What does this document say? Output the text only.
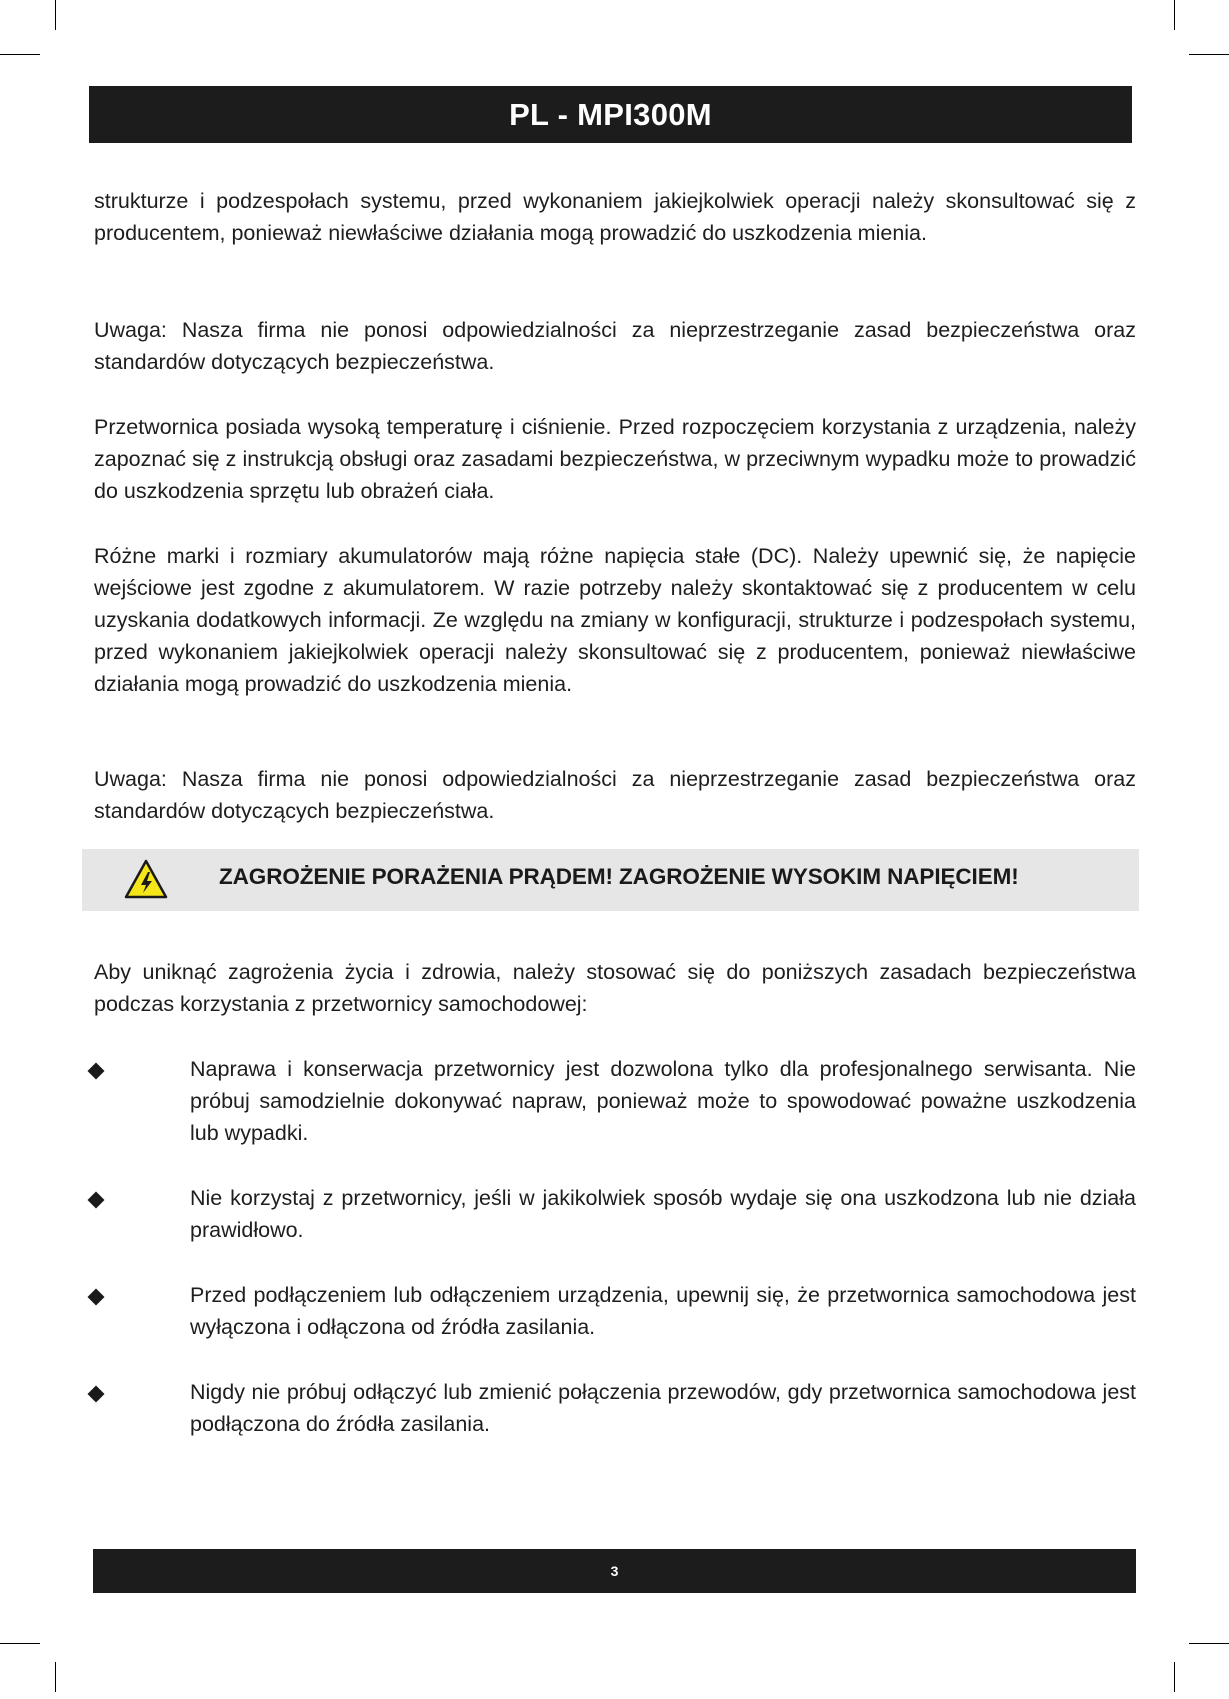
PL - MPI300M

strukturze i podzespołach systemu, przed wykonaniem jakiejkolwiek operacji należy skonsultować się z producentem, ponieważ niewłaściwe działania mogą prowadzić do uszkodzenia mienia.

Uwaga: Nasza firma nie ponosi odpowiedzialności za nieprzestrzeganie zasad bezpieczeństwa oraz standardów dotyczących bezpieczeństwa.

Przetwornica posiada wysoką temperaturę i ciśnienie. Przed rozpoczęciem korzystania z urządzenia, należy zapoznać się z instrukcją obsługi oraz zasadami bezpieczeństwa, w przeciwnym wypadku może to prowadzić do uszkodzenia sprzętu lub obrażeń ciała.

Różne marki i rozmiary akumulatorów mają różne napięcia stałe (DC). Należy upewnić się, że napięcie wejściowe jest zgodne z akumulatorem. W razie potrzeby należy skontaktować się z producentem w celu uzyskania dodatkowych informacji. Ze względu na zmiany w konfiguracji, strukturze i podzespołach systemu, przed wykonaniem jakiejkolwiek operacji należy skonsultować się z producentem, ponieważ niewłaściwe działania mogą prowadzić do uszkodzenia mienia.

Uwaga: Nasza firma nie ponosi odpowiedzialności za nieprzestrzeganie zasad bezpieczeństwa oraz standardów dotyczących bezpieczeństwa.

ZAGROŻENIE PORAŻENIA PRĄDEM! ZAGROŻENIE WYSOKIM NAPIĘCIEM!

Aby uniknąć zagrożenia życia i zdrowia, należy stosować się do poniższych zasadach bezpieczeństwa podczas korzystania z przetwornicy samochodowej:

Naprawa i konserwacja przetwornicy jest dozwolona tylko dla profesjonalnego serwisanta. Nie próbuj samodzielnie dokonywać napraw, ponieważ może to spowodować poważne uszkodzenia lub wypadki.

Nie korzystaj z przetwornicy, jeśli w jakikolwiek sposób wydaje się ona uszkodzona lub nie działa prawidłowo.

Przed podłączeniem lub odłączeniem urządzenia, upewnij się, że przetwornica samochodowa jest wyłączona i odłączona od źródła zasilania.

Nigdy nie próbuj odłączyć lub zmienić połączenia przewodów, gdy przetwornica samochodowa jest podłączona do źródła zasilania.

3
